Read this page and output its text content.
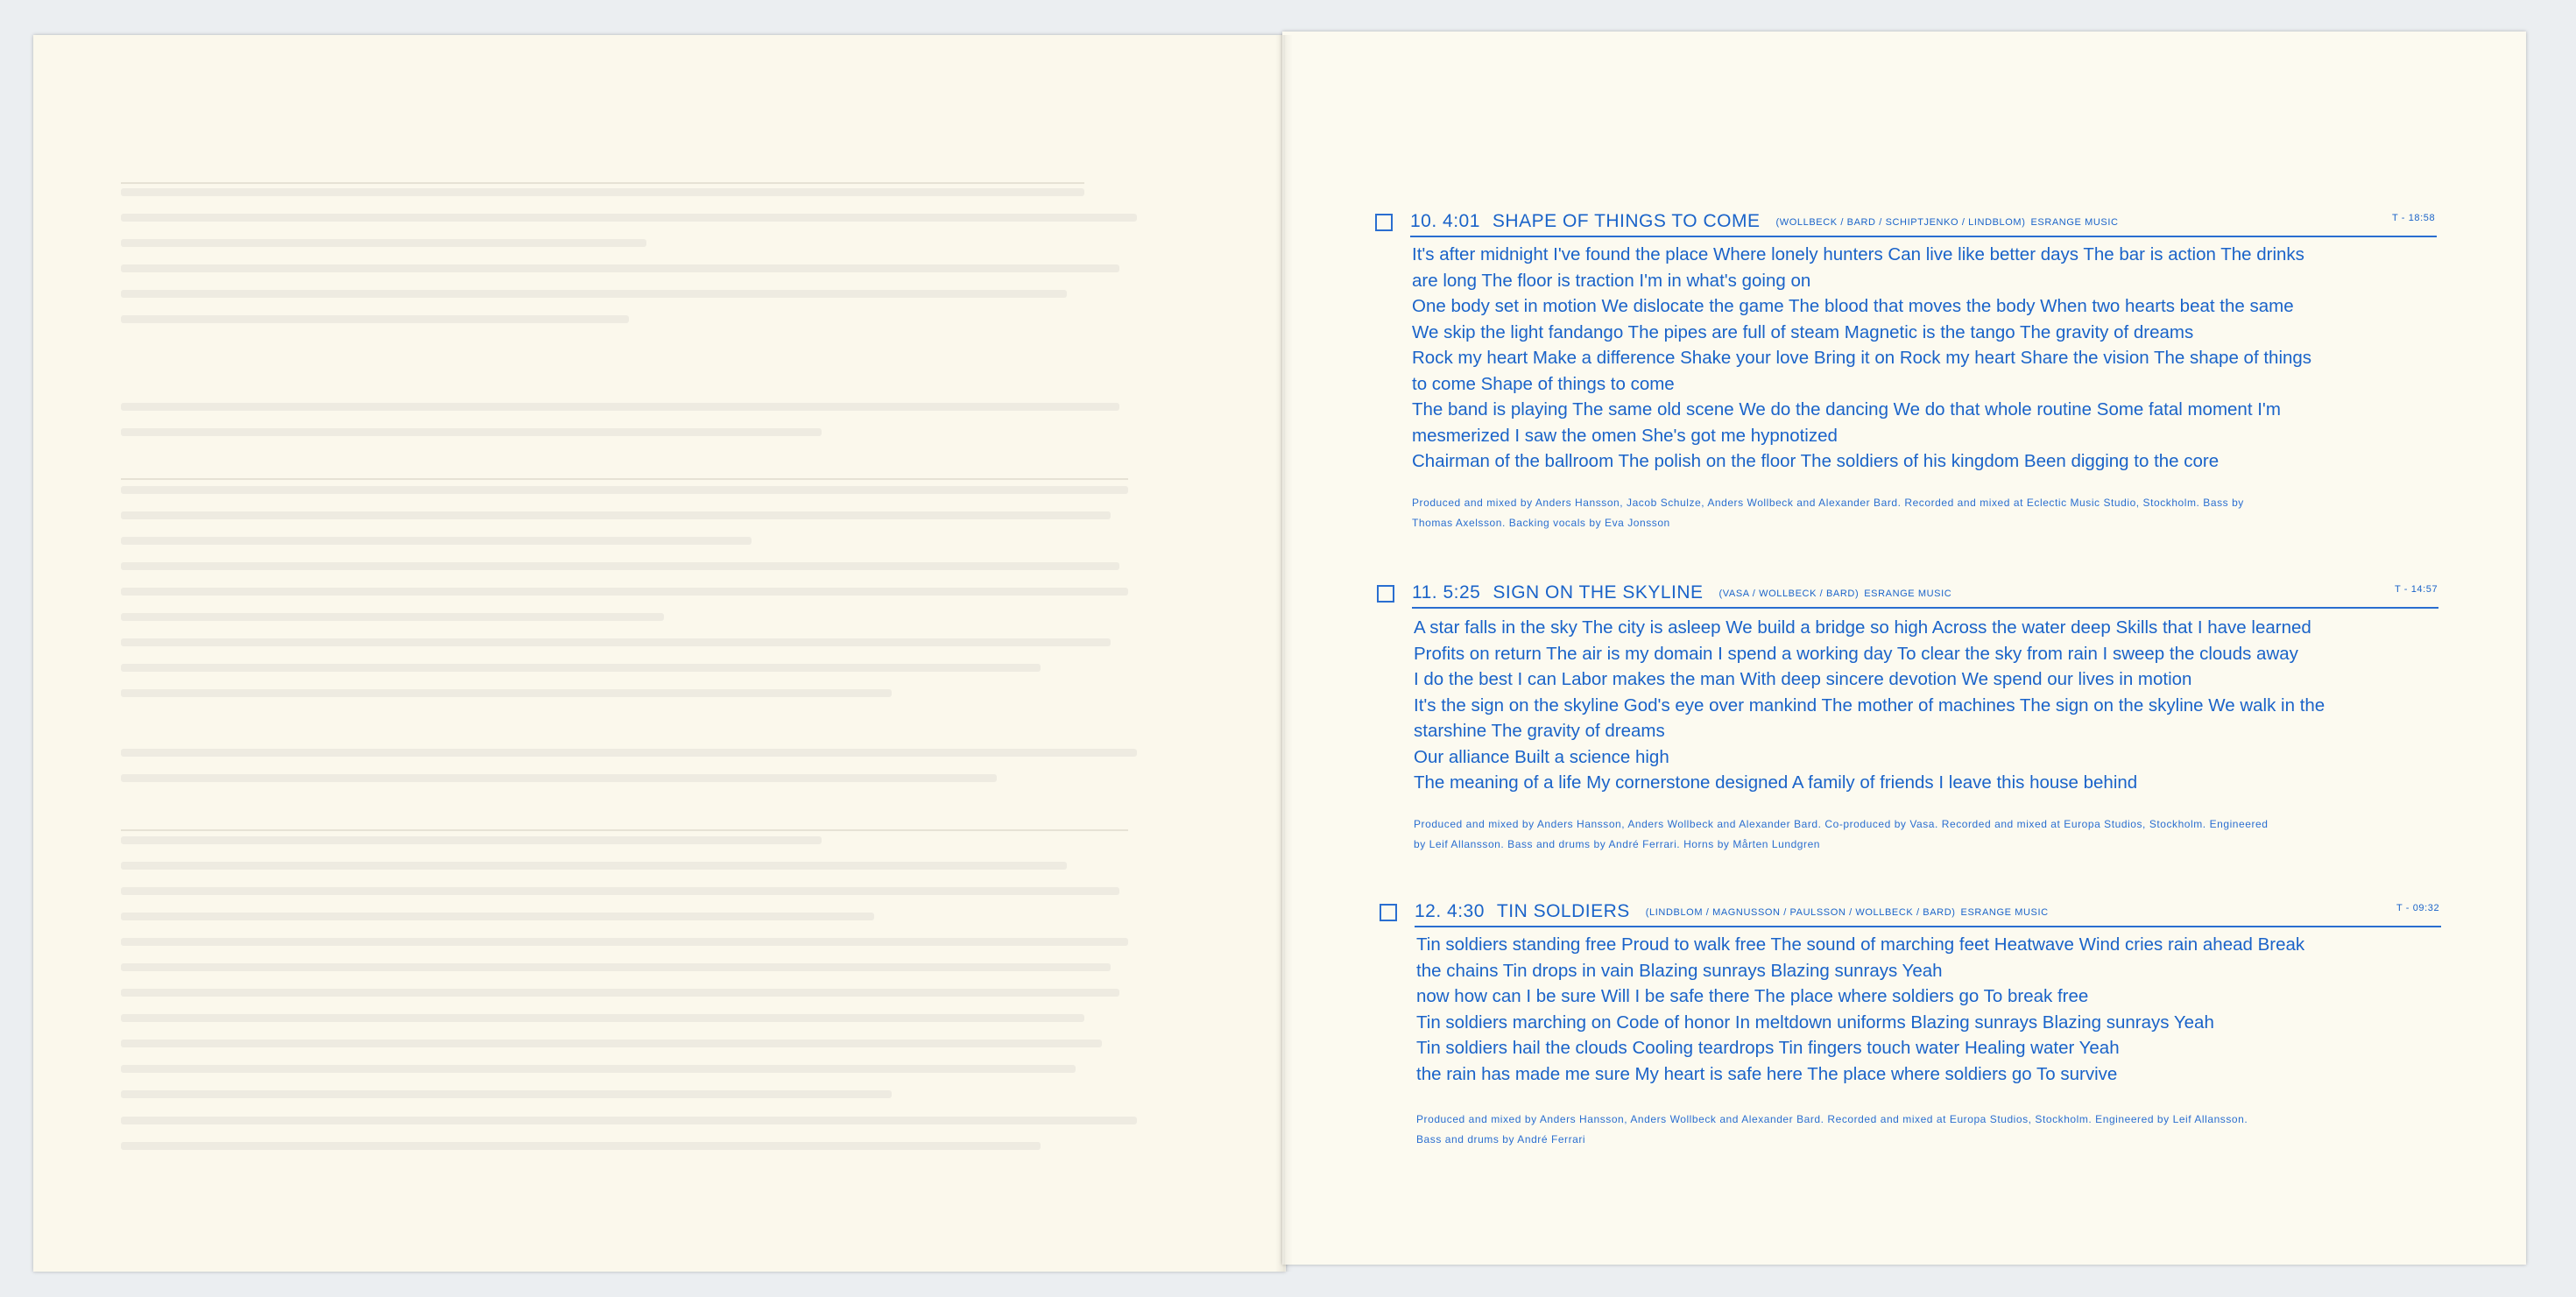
10. 4:01 SHAPE OF THINGS TO COME (WOLLBECK / BARD / SCHIPTJENKO / LINDBLOM) ESRANGE MUSIC	T - 18:58
It's after midnight I've found the place Where lonely hunters Can live like better days The bar is action The drinks
are long The floor is traction I'm in what's going on
One body set in motion We dislocate the game The blood that moves the body When two hearts beat the same
We skip the light fandango The pipes are full of steam Magnetic is the tango The gravity of dreams
Rock my heart Make a difference Shake your love Bring it on Rock my heart Share the vision The shape of things
to come Shape of things to come
The band is playing The same old scene We do the dancing We do that whole routine Some fatal moment I'm
mesmerized I saw the omen She's got me hypnotized
Chairman of the ballroom The polish on the floor The soldiers of his kingdom Been digging to the core
Produced and mixed by Anders Hansson, Jacob Schulze, Anders Wollbeck and Alexander Bard. Recorded and mixed at Eclectic Music Studio, Stockholm. Bass by
Thomas Axelsson. Backing vocals by Eva Jonsson
11. 5:25 SIGN ON THE SKYLINE (VASA / WOLLBECK / BARD) ESRANGE MUSIC	T - 14:57
A star falls in the sky The city is asleep We build a bridge so high Across the water deep Skills that I have learned
Profits on return The air is my domain I spend a working day To clear the sky from rain I sweep the clouds away
I do the best I can Labor makes the man With deep sincere devotion We spend our lives in motion
It's the sign on the skyline God's eye over mankind The mother of machines The sign on the skyline We walk in the
starshine The gravity of dreams
Our alliance Built a science high
The meaning of a life My cornerstone designed A family of friends I leave this house behind
Produced and mixed by Anders Hansson, Anders Wollbeck and Alexander Bard. Co-produced by Vasa. Recorded and mixed at Europa Studios, Stockholm. Engineered
by Leif Allansson. Bass and drums by André Ferrari. Horns by Mårten Lundgren
12. 4:30 TIN SOLDIERS (LINDBLOM / MAGNUSSON / PAULSSON / WOLLBECK / BARD) ESRANGE MUSIC	T - 09:32
Tin soldiers standing free Proud to walk free The sound of marching feet Heatwave Wind cries rain ahead Break
the chains Tin drops in vain Blazing sunrays Blazing sunrays Yeah
now how can I be sure Will I be safe there The place where soldiers go To break free
Tin soldiers marching on Code of honor In meltdown uniforms Blazing sunrays Blazing sunrays Yeah
Tin soldiers hail the clouds Cooling teardrops Tin fingers touch water Healing water Yeah
the rain has made me sure My heart is safe here The place where soldiers go To survive
Produced and mixed by Anders Hansson, Anders Wollbeck and Alexander Bard. Recorded and mixed at Europa Studios, Stockholm. Engineered by Leif Allansson.
Bass and drums by André Ferrari
